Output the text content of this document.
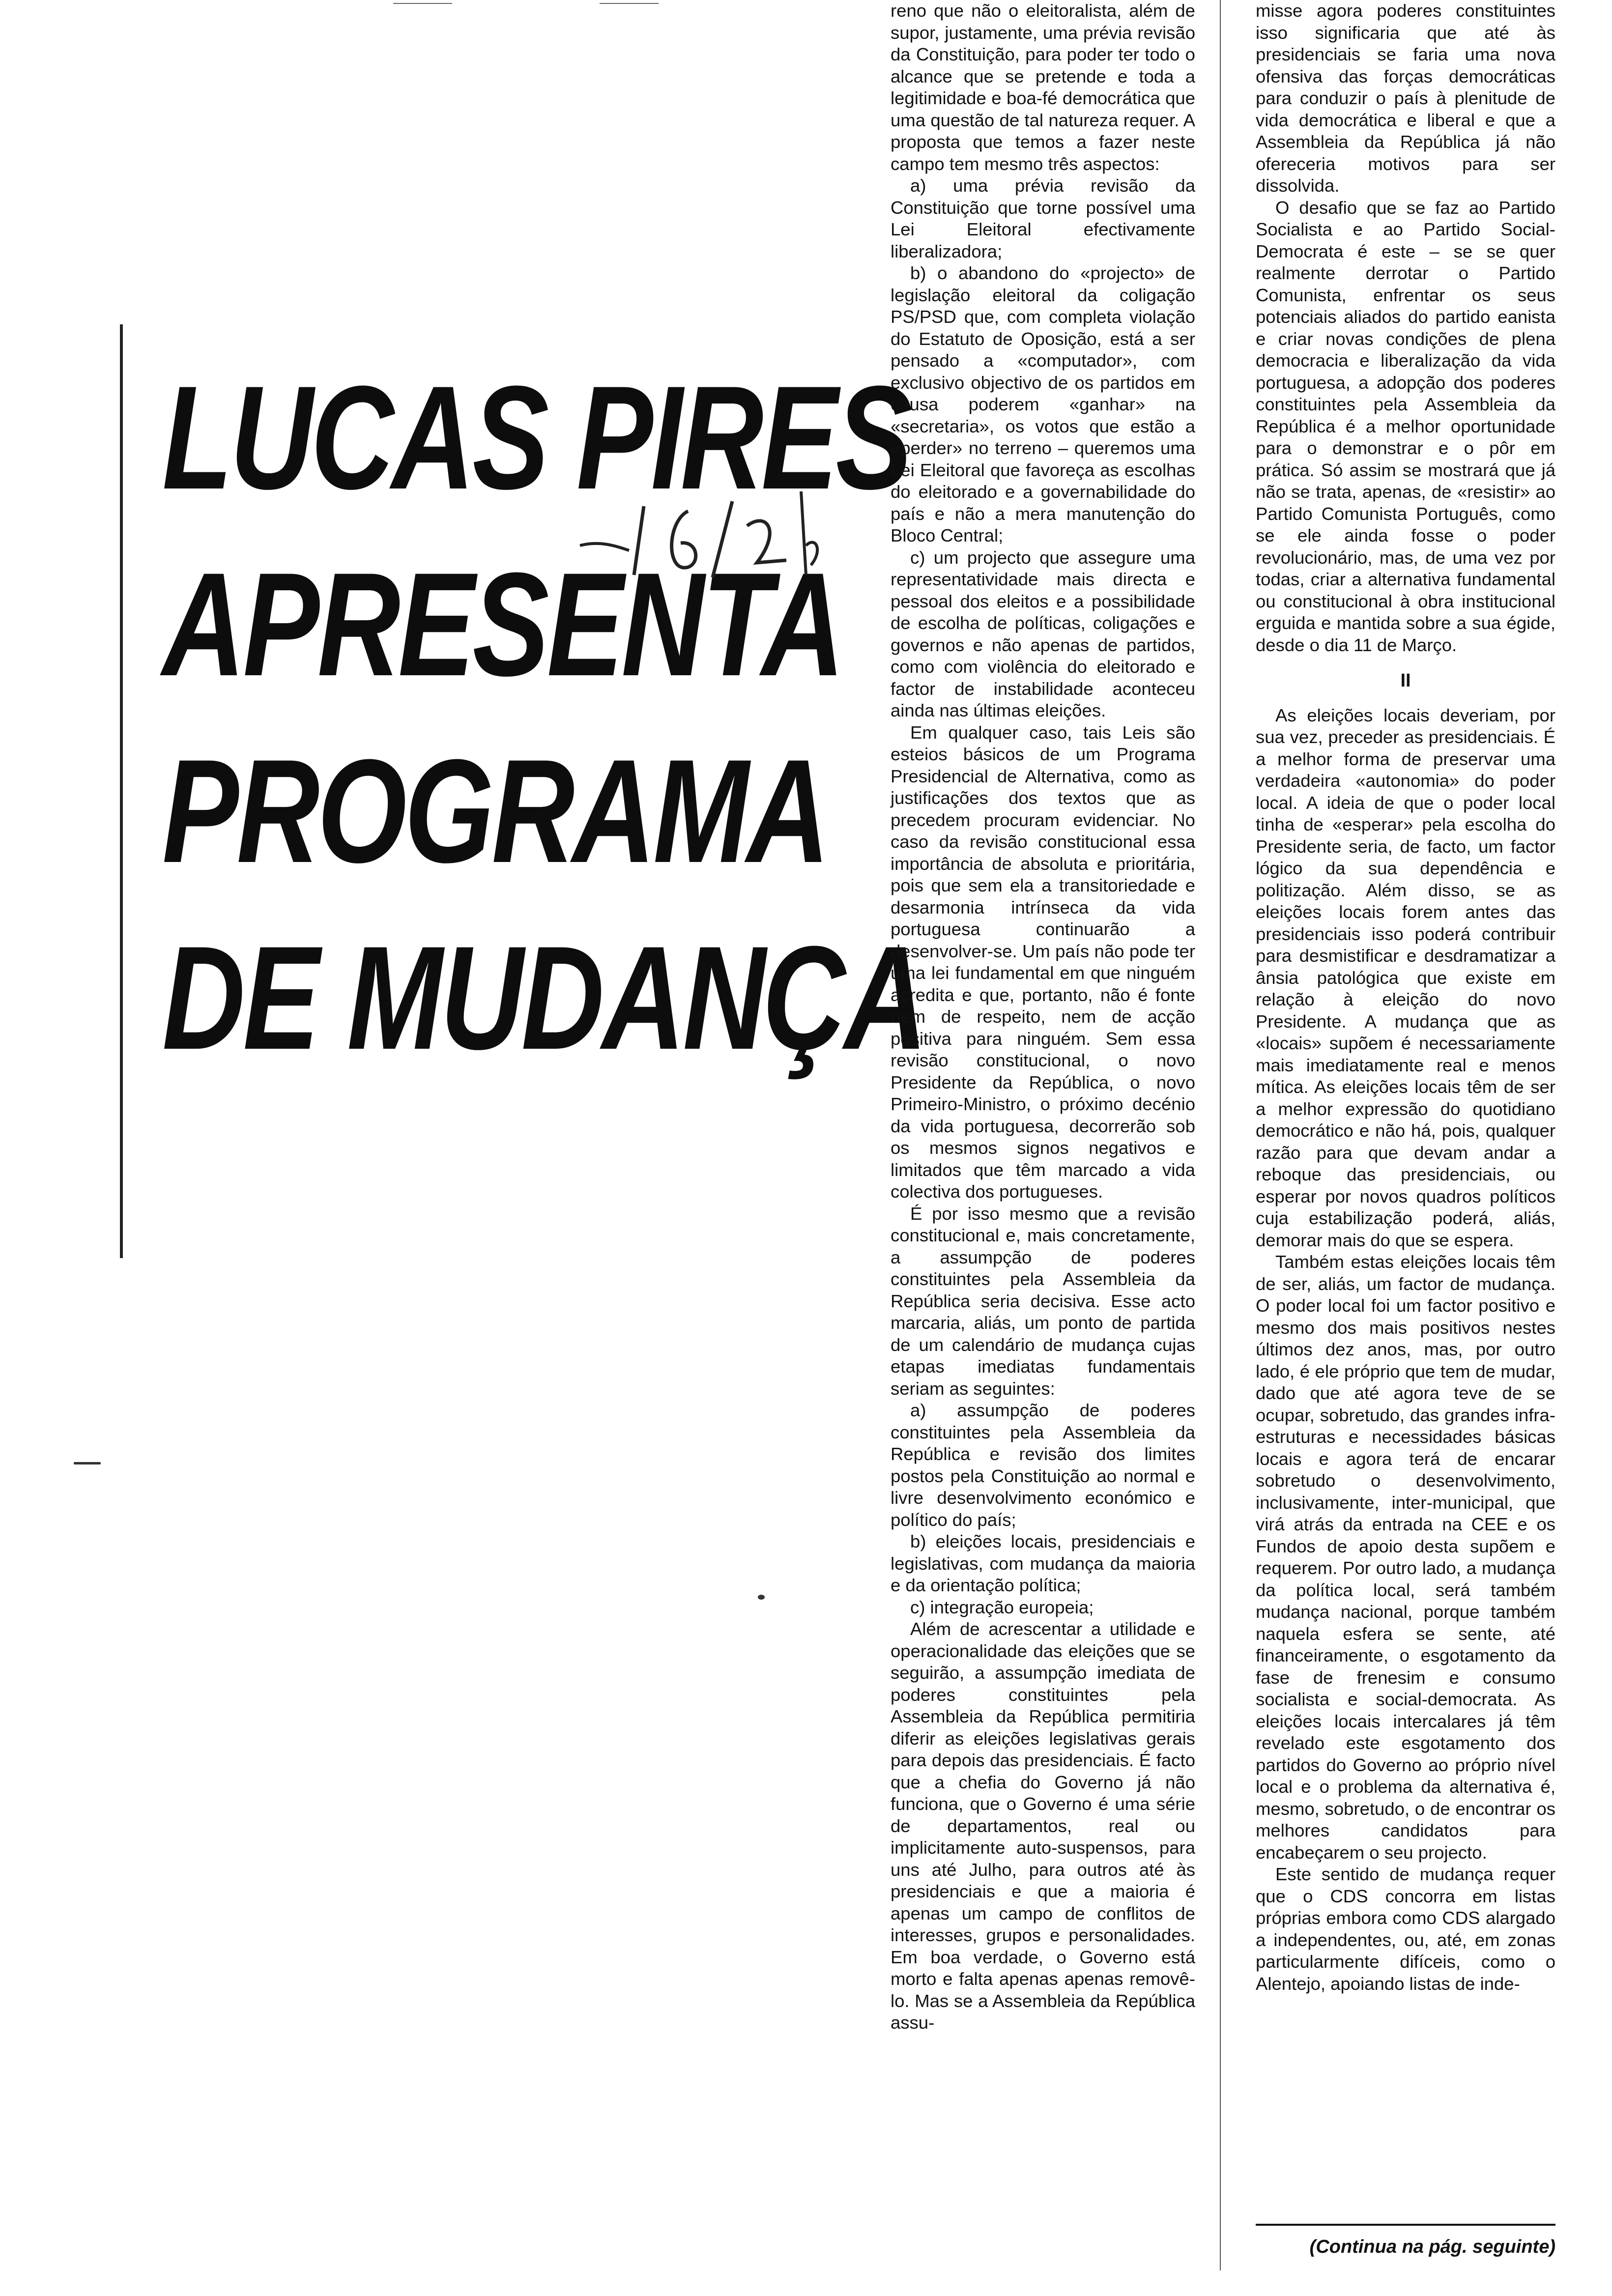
LUCAS PIRES
APRESENTA
PROGRAMA
DE MUDANÇA

reno que não o eleitoralista, além de supor, justamente, uma prévia revisão da Constituição, para poder ter todo o alcance que se pretende e toda a legitimidade e boa-fé democrática que uma questão de tal natureza requer. A proposta que temos a fazer neste campo tem mesmo três aspectos:

a) uma prévia revisão da Constituição que torne possível uma Lei Eleitoral efectivamente liberalizadora;

b) o abandono do «projecto» de legislação eleitoral da coligação PS/PSD que, com completa violação do Estatuto de Oposição, está a ser pensado a «computador», com exclusivo objectivo de os partidos em causa poderem «ganhar» na «secretaria», os votos que estão a «perder» no terreno – queremos uma Lei Eleitoral que favoreça as escolhas do eleitorado e a governabilidade do país e não a mera manutenção do Bloco Central;

c) um projecto que assegure uma representatividade mais directa e pessoal dos eleitos e a possibilidade de escolha de políticas, coligações e governos e não apenas de partidos, como com violência do eleitorado e factor de instabilidade aconteceu ainda nas últimas eleições.

Em qualquer caso, tais Leis são esteios básicos de um Programa Presidencial de Alternativa, como as justificações dos textos que as precedem procuram evidenciar. No caso da revisão constitucional essa importância de absoluta e prioritária, pois que sem ela a transitoriedade e desarmonia intrínseca da vida portuguesa continuarão a desenvolver-se. Um país não pode ter uma lei fundamental em que ninguém acredita e que, portanto, não é fonte nem de respeito, nem de acção positiva para ninguém. Sem essa revisão constitucional, o novo Presidente da República, o novo Primeiro-Ministro, o próximo decénio da vida portuguesa, decorrerão sob os mesmos signos negativos e limitados que têm marcado a vida colectiva dos portugueses.

É por isso mesmo que a revisão constitucional e, mais concretamente, a assumpção de poderes constituintes pela Assembleia da República seria decisiva. Esse acto marcaria, aliás, um ponto de partida de um calendário de mudança cujas etapas imediatas fundamentais seriam as seguintes:

a) assumpção de poderes constituintes pela Assembleia da República e revisão dos limites postos pela Constituição ao normal e livre desenvolvimento económico e político do país;

b) eleições locais, presidenciais e legislativas, com mudança da maioria e da orientação política;

c) integração europeia;

Além de acrescentar a utilidade e operacionalidade das eleições que se seguirão, a assumpção imediata de poderes constituintes pela Assembleia da República permitiria diferir as eleições legislativas gerais para depois das presidenciais. É facto que a chefia do Governo já não funciona, que o Governo é uma série de departamentos, real ou implicitamente auto-suspensos, para uns até Julho, para outros até às presidenciais e que a maioria é apenas um campo de conflitos de interesses, grupos e personalidades. Em boa verdade, o Governo está morto e falta apenas apenas removê-lo. Mas se a Assembleia da República assu-

misse agora poderes constituintes isso significaria que até às presidenciais se faria uma nova ofensiva das forças democráticas para conduzir o país à plenitude de vida democrática e liberal e que a Assembleia da República já não ofereceria motivos para ser dissolvida.

O desafio que se faz ao Partido Socialista e ao Partido Social-Democrata é este – se se quer realmente derrotar o Partido Comunista, enfrentar os seus potenciais aliados do partido eanista e criar novas condições de plena democracia e liberalização da vida portuguesa, a adopção dos poderes constituintes pela Assembleia da República é a melhor oportunidade para o demonstrar e o pôr em prática. Só assim se mostrará que já não se trata, apenas, de «resistir» ao Partido Comunista Português, como se ele ainda fosse o poder revolucionário, mas, de uma vez por todas, criar a alternativa fundamental ou constitucional à obra institucional erguida e mantida sobre a sua égide, desde o dia 11 de Março.

II

As eleições locais deveriam, por sua vez, preceder as presidenciais. É a melhor forma de preservar uma verdadeira «autonomia» do poder local. A ideia de que o poder local tinha de «esperar» pela escolha do Presidente seria, de facto, um factor lógico da sua dependência e politização. Além disso, se as eleições locais forem antes das presidenciais isso poderá contribuir para desmistificar e desdramatizar a ânsia patológica que existe em relação à eleição do novo Presidente. A mudança que as «locais» supõem é necessariamente mais imediatamente real e menos mítica. As eleições locais têm de ser a melhor expressão do quotidiano democrático e não há, pois, qualquer razão para que devam andar a reboque das presidenciais, ou esperar por novos quadros políticos cuja estabilização poderá, aliás, demorar mais do que se espera.

Também estas eleições locais têm de ser, aliás, um factor de mudança. O poder local foi um factor positivo e mesmo dos mais positivos nestes últimos dez anos, mas, por outro lado, é ele próprio que tem de mudar, dado que até agora teve de se ocupar, sobretudo, das grandes infra-estruturas e necessidades básicas locais e agora terá de encarar sobretudo o desenvolvimento, inclusivamente, inter-municipal, que virá atrás da entrada na CEE e os Fundos de apoio desta supõem e requerem. Por outro lado, a mudança da política local, será também mudança nacional, porque também naquela esfera se sente, até financeiramente, o esgotamento da fase de frenesim e consumo socialista e social-democrata. As eleições locais intercalares já têm revelado este esgotamento dos partidos do Governo ao próprio nível local e o problema da alternativa é, mesmo, sobretudo, o de encontrar os melhores candidatos para encabeçarem o seu projecto.

Este sentido de mudança requer que o CDS concorra em listas próprias embora como CDS alargado a independentes, ou, até, em zonas particularmente difíceis, como o Alentejo, apoiando listas de inde-

(Continua na pág. seguinte)
